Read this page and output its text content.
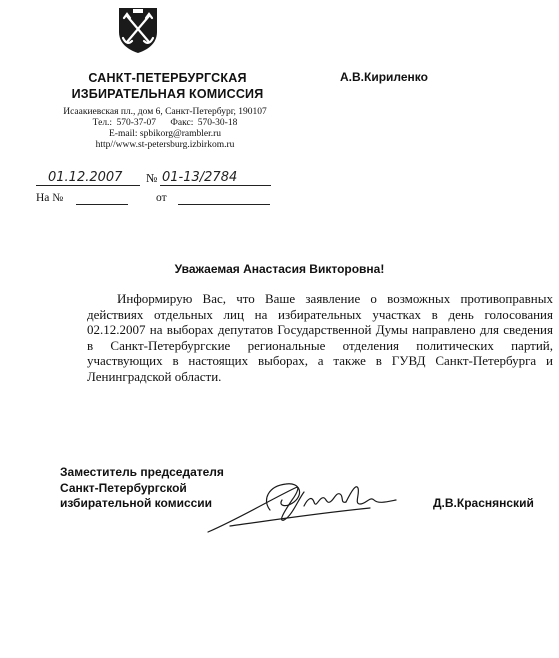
САНКТ-ПЕТЕРБУРГСКАЯ
ИЗБИРАТЕЛЬНАЯ КОМИССИЯ
Исаакиевская пл., дом 6, Санкт-Петербург, 190107
Тел.: 570-37-07 Факс: 570-30-18
E-mail: spbikorg@rambler.ru
http//www.st-petersburg.izbirkom.ru
А.В.Кириленко
01.12.2007 № 01-13/2784
На №	от
Уважаемая Анастасия Викторовна!
Информирую Вас, что Ваше заявление о возможных противоправных действиях отдельных лиц на избирательных участках в день голосования 02.12.2007 на выборах депутатов Государственной Думы направлено для сведения в Санкт-Петербургские региональные отделения политических партий, участвующих в настоящих выборах, а также в ГУВД Санкт-Петербурга и Ленинградской области.
Заместитель председателя
Санкт-Петербургской
избирательной комиссии	Д.В.Краснянский
